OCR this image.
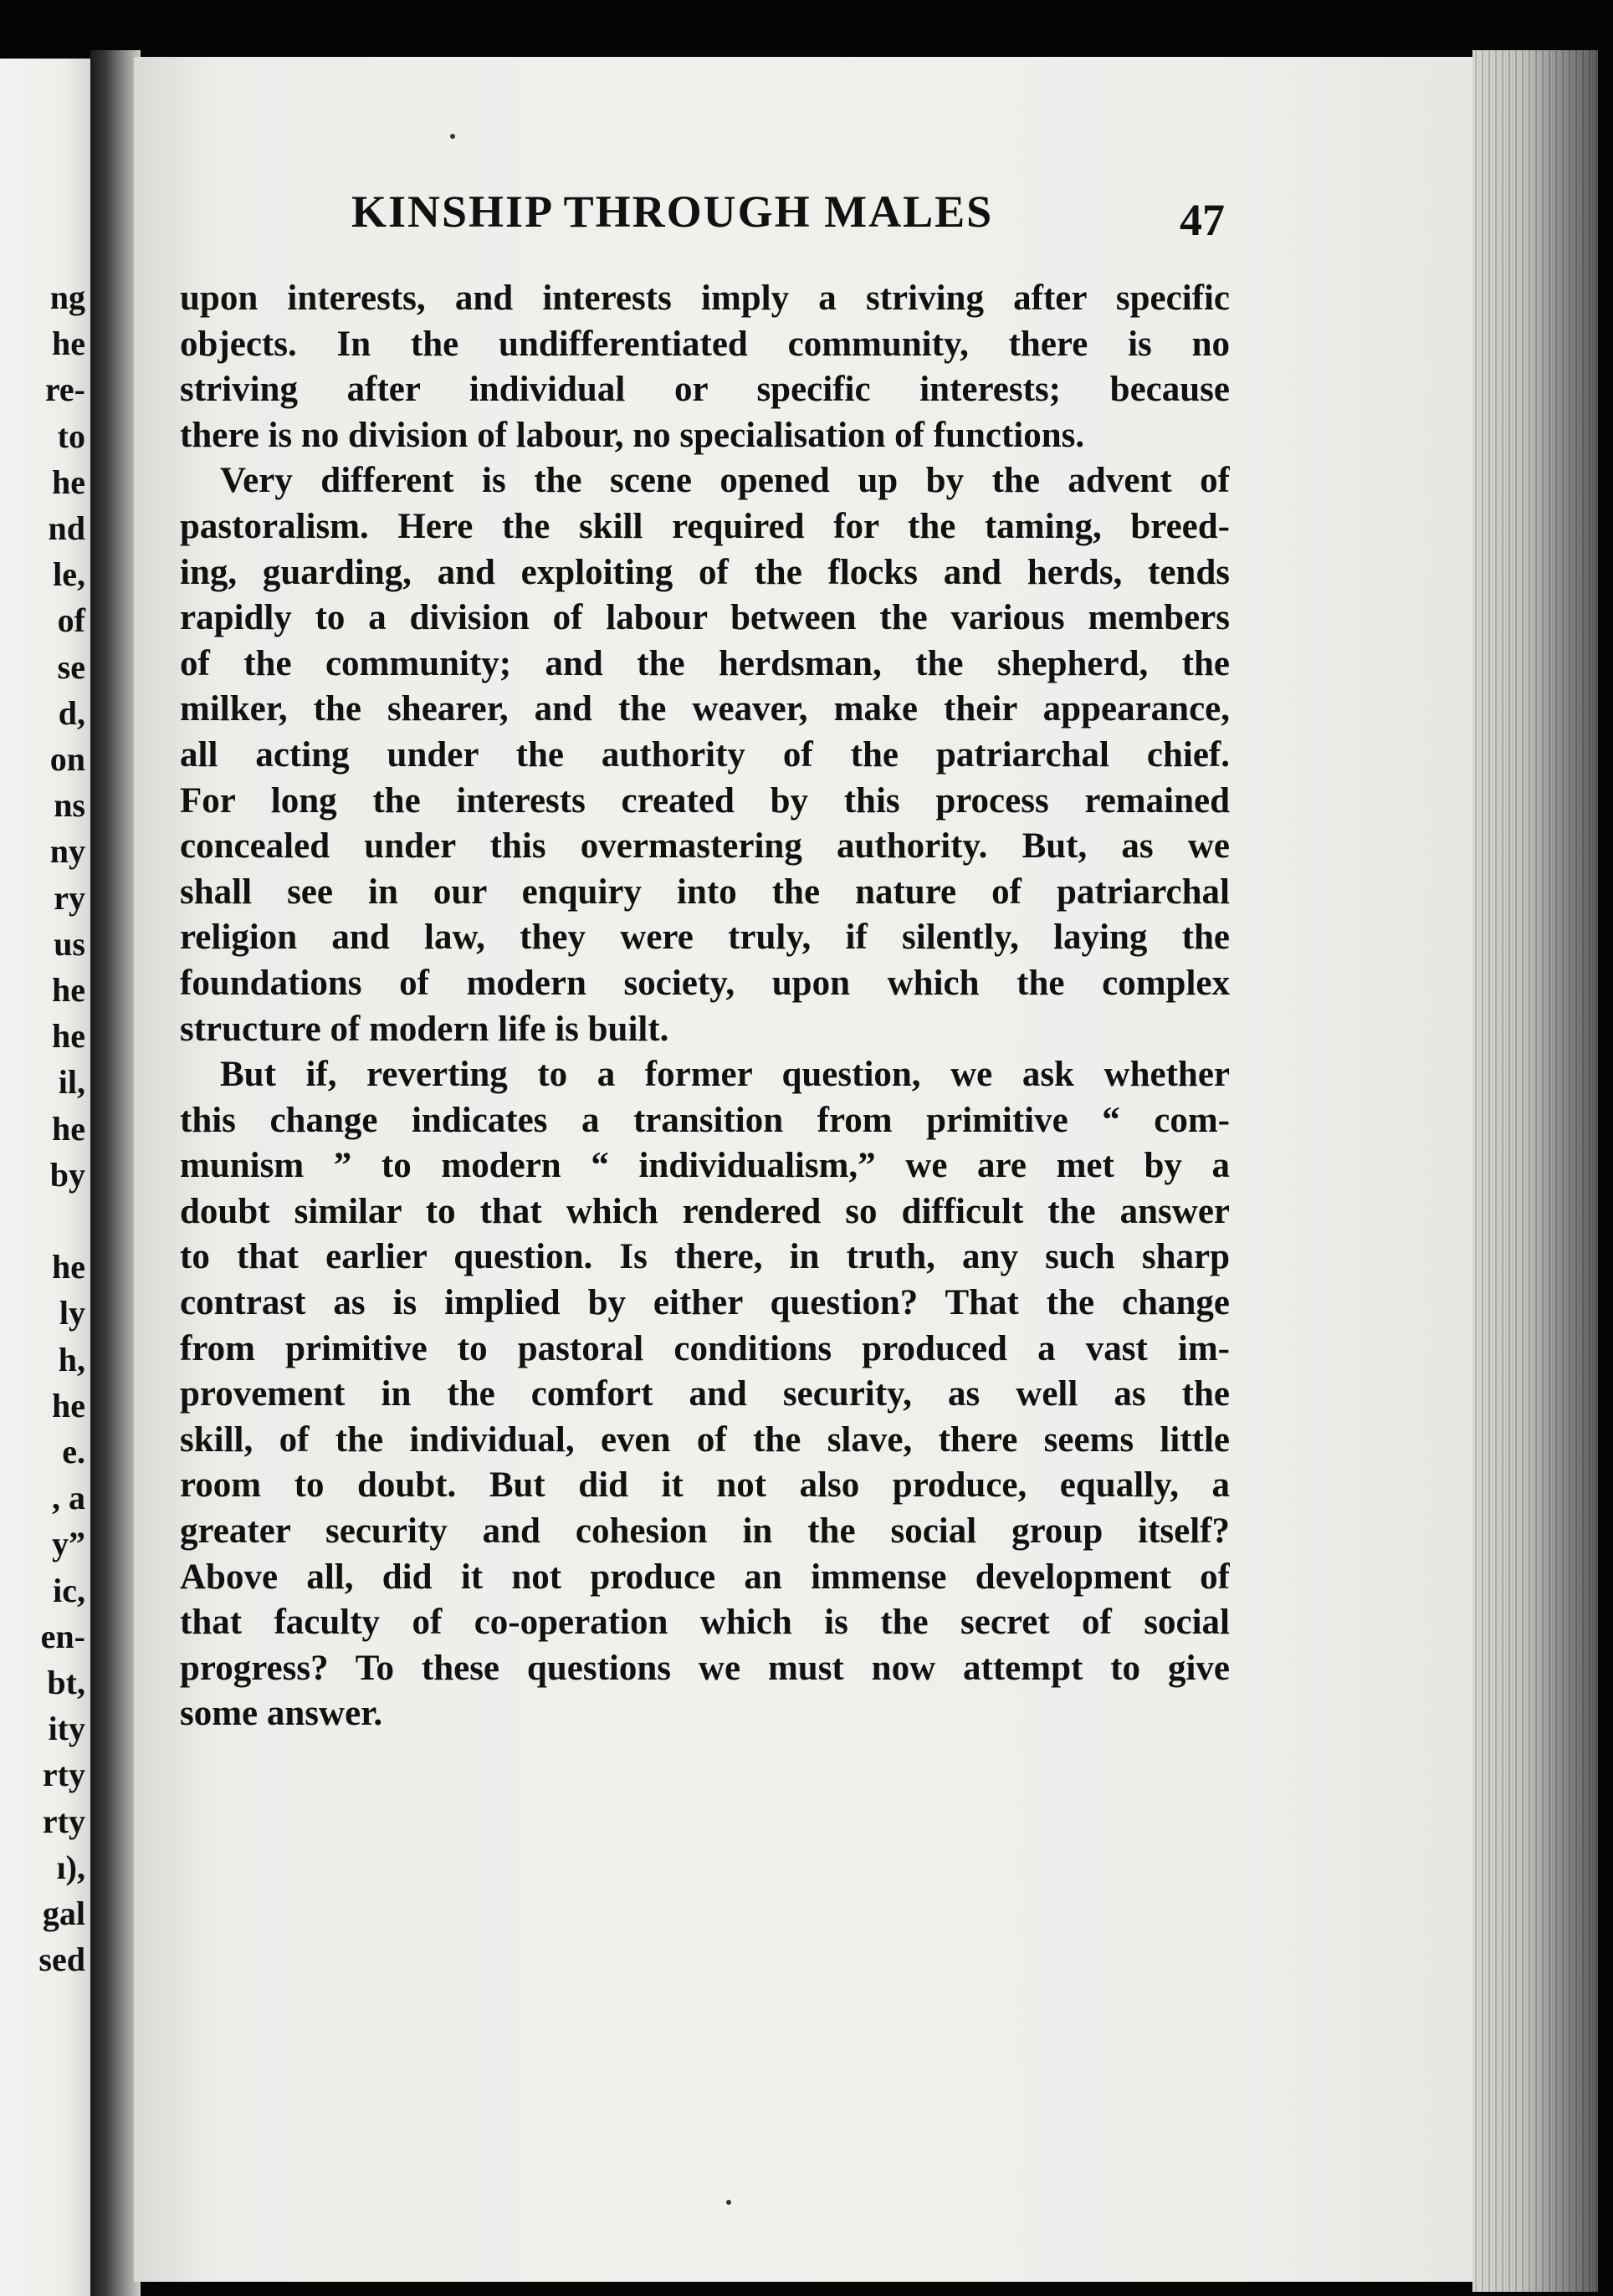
ng
he
re-
to
he
nd
le,
of
se
d,
on
ns
ny
ry
us
he
he
il,
he
by
he
ly
h,
he
e.
, a
y”
ic,
en-
bt,
ity
rty
rty
ı),
gal
sed
KINSHIP THROUGH MALES	47
upon interests, and interests imply a striving after specific
objects. In the undifferentiated community, there is no
striving after individual or specific interests; because
there is no division of labour, no specialisation of functions.
Very different is the scene opened up by the advent of
pastoralism. Here the skill required for the taming, breed-
ing, guarding, and exploiting of the flocks and herds, tends
rapidly to a division of labour between the various members
of the community; and the herdsman, the shepherd, the
milker, the shearer, and the weaver, make their appearance,
all acting under the authority of the patriarchal chief.
For long the interests created by this process remained
concealed under this overmastering authority. But, as we
shall see in our enquiry into the nature of patriarchal
religion and law, they were truly, if silently, laying the
foundations of modern society, upon which the complex
structure of modern life is built.
But if, reverting to a former question, we ask whether
this change indicates a transition from primitive “ com-
munism ” to modern “ individualism,” we are met by a
doubt similar to that which rendered so difficult the answer
to that earlier question. Is there, in truth, any such sharp
contrast as is implied by either question? That the change
from primitive to pastoral conditions produced a vast im-
provement in the comfort and security, as well as the
skill, of the individual, even of the slave, there seems little
room to doubt. But did it not also produce, equally, a
greater security and cohesion in the social group itself?
Above all, did it not produce an immense development of
that faculty of co-operation which is the secret of social
progress? To these questions we must now attempt to give
some answer.
